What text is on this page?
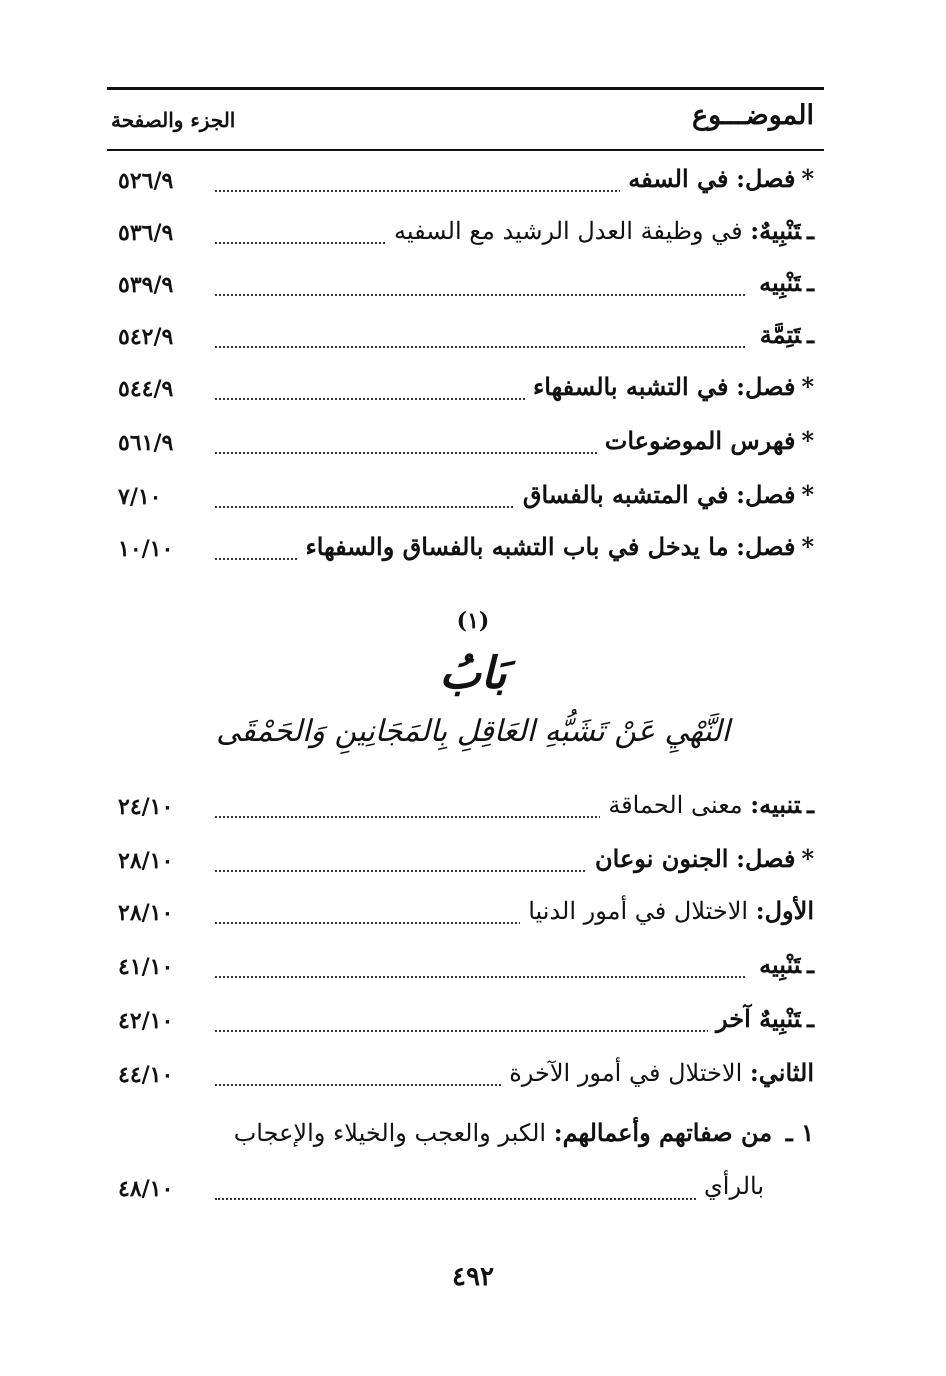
الموضـــوع
الجزء والصفحة
٥٢٦/٩	*فصل: في السفه
٥٣٦/٩	ـتَنْبِيهٌ: في وظيفة العدل الرشيد مع السفيه
٥٣٩/٩	ـتَنْبِيه
٥٤٢/٩	ـتَتِمَّة
٥٤٤/٩	*فصل: في التشبه بالسفهاء
٥٦١/٩	*فهرس الموضوعات
٧/١٠	*فصل: في المتشبه بالفساق
١٠/١٠	*فصل: ما يدخل في باب التشبه بالفساق والسفهاء
(١)
بَابُ
النَّهْيِ عَنْ تَشَبُّهِ العَاقِلِ بِالمَجَانِينِ وَالحَمْقَى
٢٤/١٠	ـتنبيه: معنى الحماقة
٢٨/١٠	*فصل: الجنون نوعان
٢٨/١٠	الأول: الاختلال في أمور الدنيا
٤١/١٠	ـتَنْبِيه
٤٢/١٠	ـتَنْبِيهٌ آخر
٤٤/١٠	الثاني: الاختلال في أمور الآخرة
١ ـ من صفاتهم وأعمالهم: الكبر والعجب والخيلاء والإعجاب
٤٨/١٠	بالرأي
٤٩٢
